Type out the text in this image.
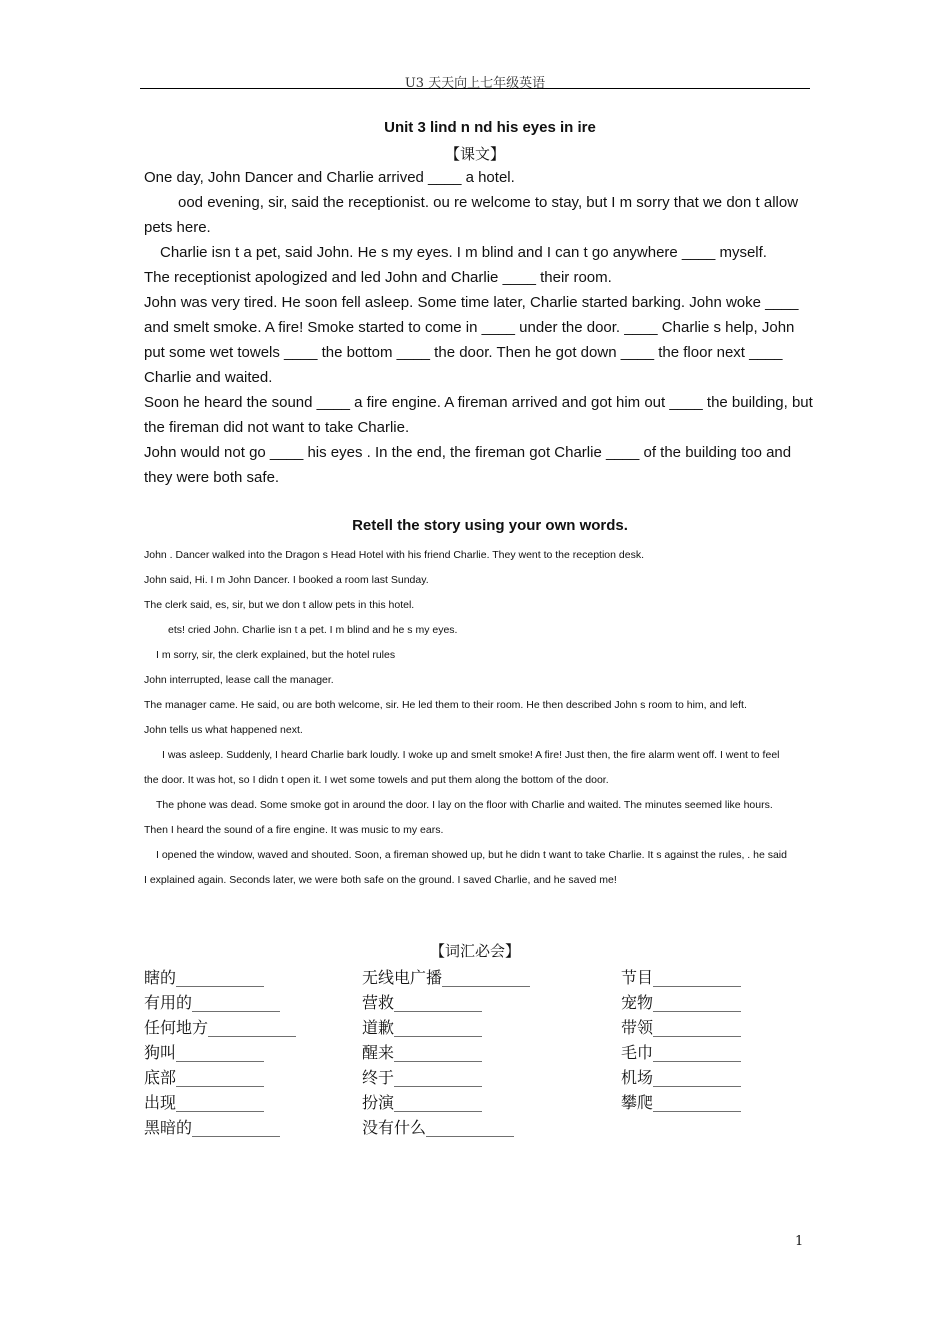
U3 天天向上七年级英语
Unit 3 lind n nd his eyes in ire
【课文】

One day, John Dancer and Charlie arrived ____ a hotel.

ood evening, sir, said the receptionist. ou re welcome to stay, but I m sorry that we don t allow pets here.

Charlie isn t a pet, said John. He s my eyes. I m blind and I can t go anywhere ____ myself.

The receptionist apologized and led John and Charlie ____ their room.

John was very tired. He soon fell asleep. Some time later, Charlie started barking. John woke ____ and smelt smoke. A fire! Smoke started to come in ____ under the door. ____ Charlie s help, John put some wet towels ____ the bottom ____ the door. Then he got down ____ the floor next ____ Charlie and waited.

Soon he heard the sound ____ a fire engine. A fireman arrived and got him out ____ the building, but the fireman did not want to take Charlie.

John would not go ____ his eyes . In the end, the fireman got Charlie ____ of the building too and they were both safe.

Retell the story using your own words.
John . Dancer walked into the Dragon s Head Hotel with his friend Charlie. They went to the reception desk.
John said, Hi. I m John Dancer. I booked a room last Sunday.
The clerk said, es, sir, but we don t allow pets in this hotel.
ets! cried John. Charlie isn t a pet. I m blind and he s my eyes.
I m sorry, sir, the clerk explained, but the hotel rules
John interrupted, lease call the manager.
The manager came. He said, ou are both welcome, sir. He led them to their room. He then described John s room to him, and left.
John tells us what happened next.
I was asleep. Suddenly, I heard Charlie bark loudly. I woke up and smelt smoke! A fire! Just then, the fire alarm went off. I went to feel
the door. It was hot, so I didn t open it. I wet some towels and put them along the bottom of the door.
The phone was dead. Some smoke got in around the door. I lay on the floor with Charlie and waited. The minutes seemed like hours.
Then I heard the sound of a fire engine. It was music to my ears.
I opened the window, waved and shouted. Soon, a fireman showed up, but he didn t want to take Charlie. It s against the rules, . he said
I explained again. Seconds later, we were both safe on the ground. I saved Charlie, and he saved me!
【词汇必会】
瞎的___________	无线电广播___________	节目___________
有用的___________	营救___________	宠物___________
任何地方___________	道歉___________	带领___________
狗叫___________	醒来___________	毛巾___________
底部___________	终于___________	机场___________
出现___________	扮演___________	攀爬___________
黑暗的___________	没有什么___________
1
